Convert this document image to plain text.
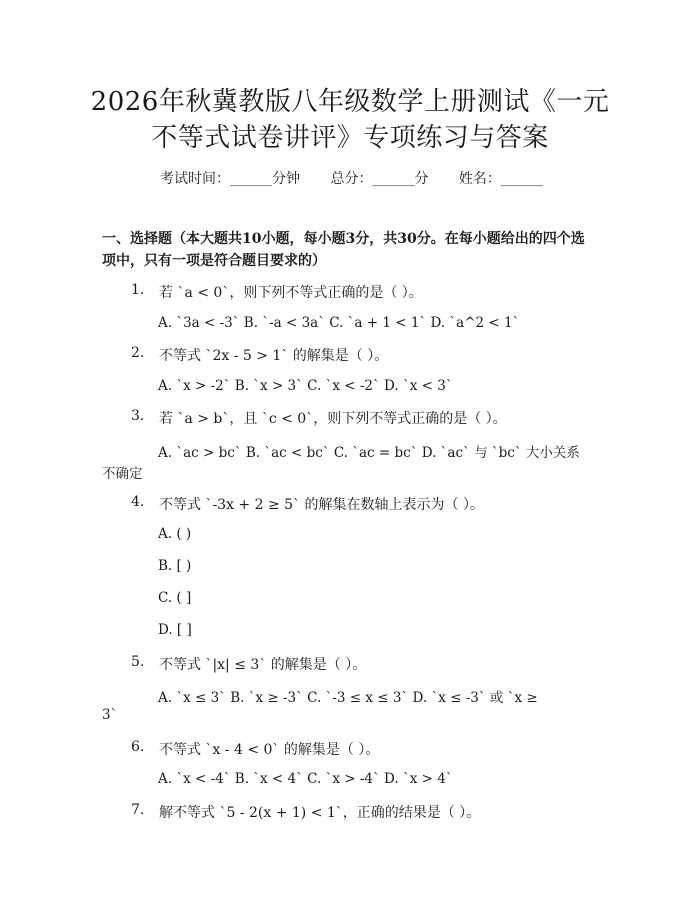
2026年秋冀教版八年级数学上册测试《一元
不等式试卷讲评》专项练习与答案
考试时间：______分钟 总分：______分 姓名：______
一、选择题（本大题共10小题，每小题3分，共30分。在每小题给出的四个选
项中，只有一项是符合题目要求的）
1.	若 `a < 0`，则下列不等式正确的是（ ）。
A. `3a < -3` B. `-a < 3a` C. `a + 1 < 1` D. `a^2 < 1`
2.	不等式 `2x - 5 > 1` 的解集是（ ）。
A. `x > -2` B. `x > 3` C. `x < -2` D. `x < 3`
3.	若 `a > b`，且 `c < 0`，则下列不等式正确的是（ ）。
A. `ac > bc` B. `ac < bc` C. `ac = bc` D. `ac` 与 `bc` 大小关系
不确定
4.	不等式 `-3x + 2 ≥ 5` 的解集在数轴上表示为（ ）。
A. ( )
B. [ )
C. ( ]
D. [ ]
5.	不等式 `|x| ≤ 3` 的解集是（ ）。
A. `x ≤ 3` B. `x ≥ -3` C. `-3 ≤ x ≤ 3` D. `x ≤ -3` 或 `x ≥
3`
6.	不等式 `x - 4 < 0` 的解集是（ ）。
A. `x < -4` B. `x < 4` C. `x > -4` D. `x > 4`
7.	解不等式 `5 - 2(x + 1) < 1`，正确的结果是（ ）。
